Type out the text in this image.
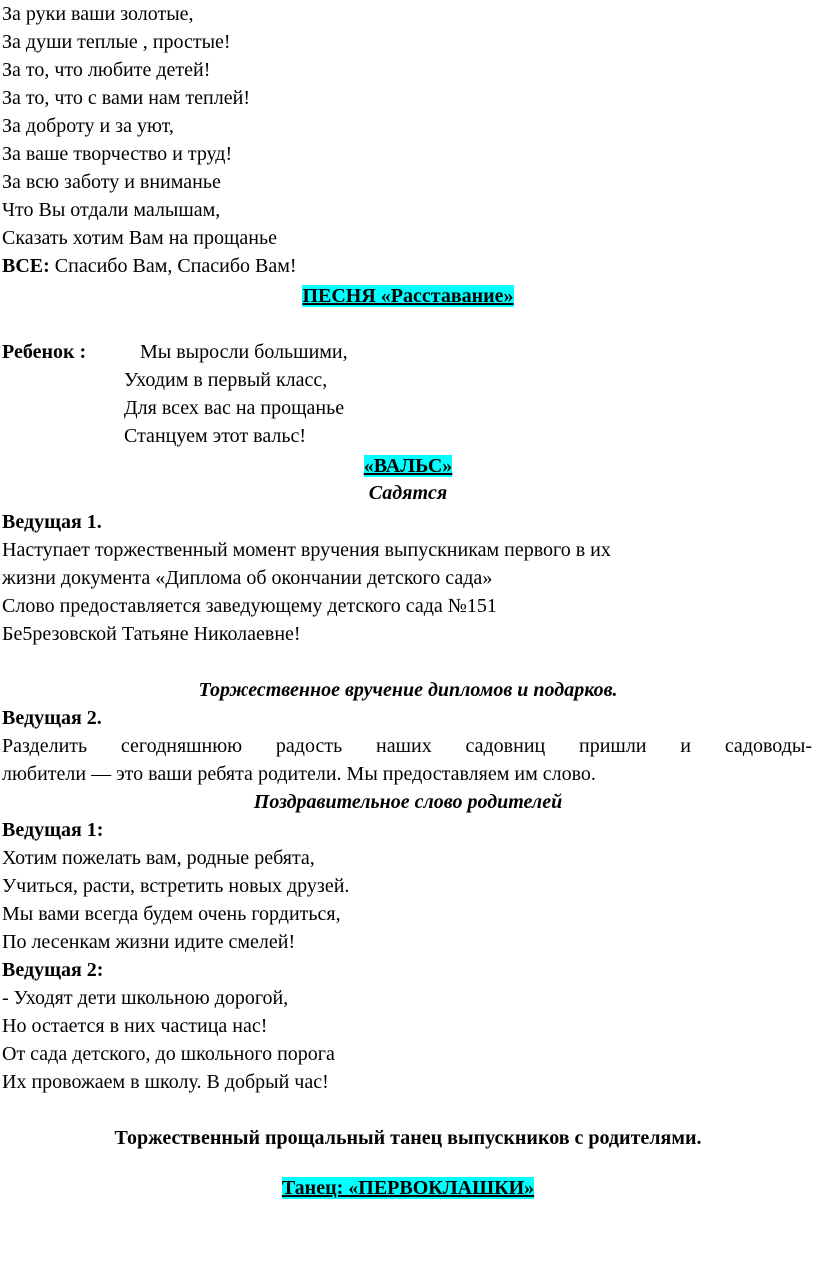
За руки ваши золотые,
За души теплые , простые!
За то, что любите детей!
За то, что с вами нам теплей!
За доброту и за уют,
За ваше творчество и труд!
За всю заботу и вниманье
Что Вы отдали малышам,
Сказать хотим Вам на прощанье
ВСЕ: Спасибо Вам, Спасибо Вам!
ПЕСНЯ «Расставание»
Ребенок :	Мы выросли большими,
Уходим в первый класс,
Для всех вас на прощанье
Станцуем этот вальс!
«ВАЛЬС»
Садятся
Ведущая 1.
Наступает торжественный момент вручения выпускникам первого в их
жизни документа «Диплома об окончании детского сада»
Слово предоставляется заведующему детского сада №151
Бе5резовской Татьяне Николаевне!
Торжественное вручение дипломов и подарков.
Ведущая 2.
Разделить сегодняшнюю радость наших садовниц пришли и садоводы-
любители — это ваши ребята родители. Мы предоставляем им слово.
Поздравительное слово родителей
Ведущая 1:
Хотим пожелать вам, родные ребята,
Учиться, расти, встретить новых друзей.
Мы вами всегда будем очень гордиться,
По лесенкам жизни идите смелей!
Ведущая 2:
- Уходят дети школьною дорогой,
Но остается в них частица нас!
От сада детского, до школьного порога
Их провожаем в школу. В добрый час!
Торжественный прощальный танец выпускников с родителями.
Танец: «ПЕРВОКЛАШКИ»
